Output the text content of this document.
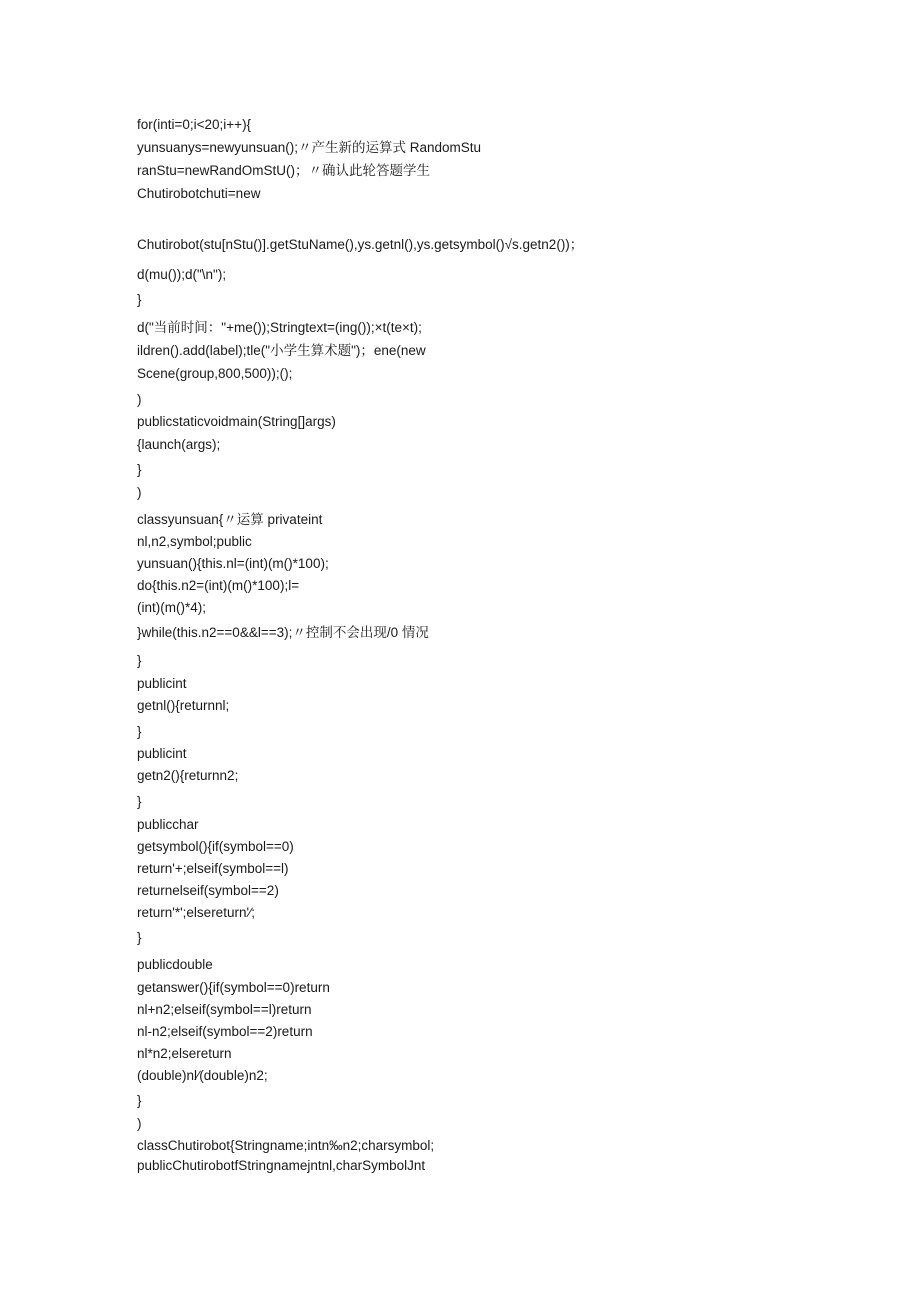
for(inti=0;i<20;i++){
yunsuanys=newyunsuan();〃产生新的运算式 RandomStu
ranStu=newRandOmStU()；〃确认此轮答题学生
Chutirobotchuti=new
Chutirobot(stu[nStu()].getStuName(),ys.getnl(),ys.getsymbol()√s.getn2())；
d(mu());d("\n");
}
d("当前时间："+me());Stringtext=(ing());×t(te×t);
ildren().add(label);tle("小学生算术题")；ene(new
Scene(group,800,500));();
)
publicstaticvoidmain(String[]args)
{launch(args);
}
)
classyunsuan{〃运算 privateint
nl,n2,symbol;public
yunsuan(){this.nl=(int)(m()*100);
do{this.n2=(int)(m()*100);l=
(int)(m()*4);
}while(this.n2==0&&l==3);〃控制不会出现/0 情况
}
publicint
getnl(){returnnl;
}
publicint
getn2(){returnn2;
}
publicchar
getsymbol(){if(symbol==0)
return'+;elseif(symbol==l)
returnelseif(symbol==2)
return'*';elsereturn'∕;
}
publicdouble
getanswer(){if(symbol==0)return
nl+n2;elseif(symbol==l)return
nl-n2;elseif(symbol==2)return
nl*n2;elsereturn
(double)nl∕(double)n2;
}
)
classChutirobot{Stringname;intn‰n2;charsymbol;
publicChutirobotfStringnamejntnl,charSymbolJnt
